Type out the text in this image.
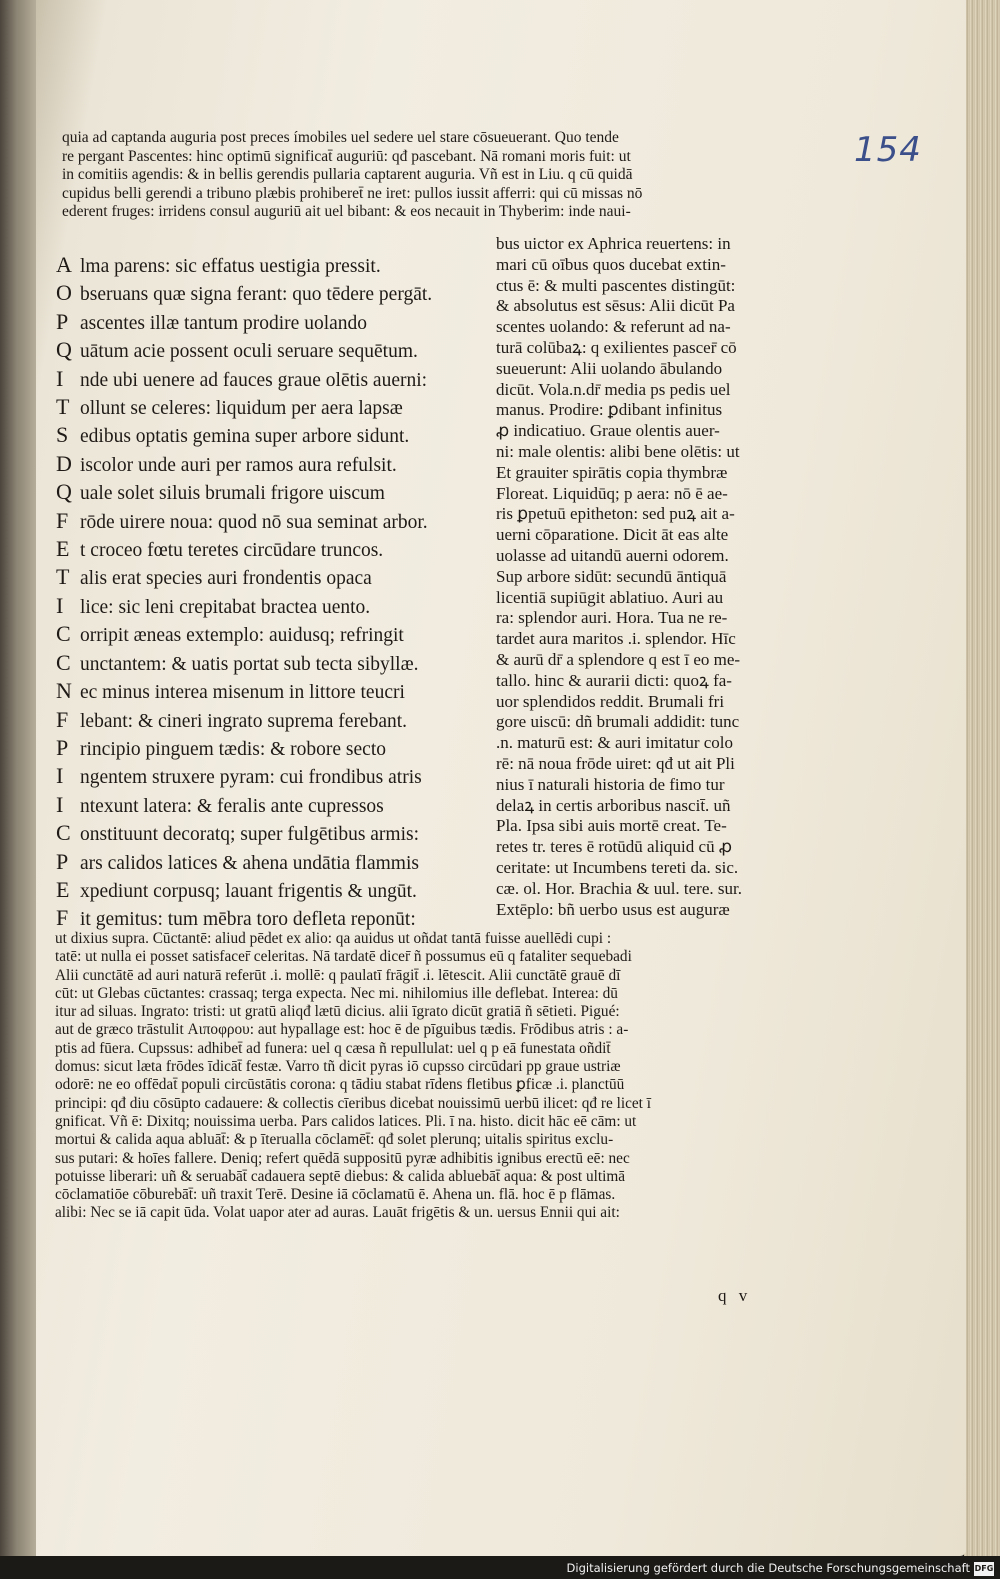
154
quia ad captanda auguria post preces ímobiles uel sedere uel stare cōsueuerant. Quo tende
re pergant Pascentes: hinc optimū significat̄ auguriū: qđ pascebant. Nā romani moris fuit: ut
in comitiis agendis: & in bellis gerendis pullaria captarent auguria. Vñ est in Liu. q cū quidā
cupidus belli gerendi a tribuno plæbis prohiberet̄ ne iret: pullos iussit afferri: qui cū missas nō
ederent fruges: irridens consul auguriū ait uel bibant: & eos necauit in Thyberim: inde naui-
A lma parens: sic effatus uestigia pressit.
O bseruans quæ signa ferant: quo tēdere pergāt.
P ascentes illæ tantum prodire uolando
Q uātum acie possent oculi seruare sequētum.
I nde ubi uenere ad fauces graue olētis auerni:
T ollunt se celeres: liquidum per aera lapsæ
S edibus optatis gemina super arbore sidunt.
D iscolor unde auri per ramos aura refulsit.
Q uale solet siluis brumali frigore uiscum
F rōde uirere noua: quod nō sua seminat arbor.
E t croceo fœtu teretes circūdare truncos.
T alis erat species auri frondentis opaca
I lice: sic leni crepitabat bractea uento.
C orripit æneas extemplo: auidusq; refringit
C unctantem: & uatis portat sub tecta sibyllæ.
N ec minus interea misenum in littore teucri
F lebant: & cineri ingrato suprema ferebant.
P rincipio pinguem tædis: & robore secto
I ngentem struxere pyram: cui frondibus atris
I ntexunt latera: & feralis ante cupressos
C onstituunt decoratq; super fulgētibus armis:
P ars calidos latices & ahena undātia flammis
E xpediunt corpusq; lauant frigentis & ungūt.
F it gemitus: tum mēbra toro defleta reponūt:
bus uictor ex Aphrica reuertens: in
mari cū oībus quos ducebat extin-
ctus ē: & multi pascentes distingūt:
& absolutus est sēsus: Alii dicūt Pa
scentes uolando: & referunt ad na-
turā colūbaꝝ: q exilientes pascer̄ cō
sueuerunt: Alii uolando ābulando
dicūt. Vola.n.dr̄ media ps pedis uel
manus. Prodire: ꝑdibant infinitus
ꝓ indicatiuo. Graue olentis auer-
ni: male olentis: alibi bene olētis: ut
Et grauiter spirātis copia thymbræ
Floreat. Liquidūq; p aera: nō ē ae-
ris ꝑpetuū epitheton: sed puꝝ ait a-
uerni cōparatione. Dicit āt eas alte
uolasse ad uitandū auerni odorem.
Sup arbore sidūt: secundū āntiquā
licentiā supiūgit ablatiuo. Auri au
ra: splendor auri. Hora. Tua ne re-
tardet aura maritos .i. splendor. Hīc
& aurū dr̄ a splendore q est ī eo me-
tallo. hinc & aurarii dicti: quoꝝ fa-
uor splendidos reddit. Brumali fri
gore uiscū: dñ brumali addidit: tunc
.n. maturū est: & auri imitatur colo
rē: nā noua frōde uiret: qđ ut ait Pli
nius ī naturali historia de fimo tur
delaꝝ in certis arboribus nascit̄. uñ
Pla. Ipsa sibi auis mortē creat. Te-
retes tr. teres ē rotūdū aliquid cū ꝓ
ceritate: ut Incumbens tereti da. sic.
cæ. ol. Hor. Brachia & uul. tere. sur.
Extēplo: bñ uerbo usus est auguræ
ut dixius supra. Cūctantē: aliud pēdet ex alio: qa auidus ut oñdat tantā fuisse auellēdi cupi :
tatē: ut nulla ei posset satisfacer̄ celeritas. Nā tardatē dicer̄ ñ possumus eū q fataliter sequebadi
Alii cunctātē ad auri naturā referūt .i. mollē: q paulatī frāgit̄ .i. lētescit. Alii cunctātē grauē dī
cūt: ut Glebas cūctantes: crassaq; terga expecta. Nec mi. nihilomius ille deflebat. Interea: dū
itur ad siluas. Ingrato: tristi: ut gratū aliqđ lætū dicius. alii īgrato dicūt gratiā ñ sētieti. Pigué:
aut de græco trāstulit Αιποφρου: aut hypallage est: hoc ē de pīguibus tædis. Frōdibus atris : a-
ptis ad fūera. Cupssus: adhibet̄ ad funera: uel q cæsa ñ repullulat: uel q p eā funestata oñdit̄
domus: sicut læta frōdes īdicāt̄ festæ. Varro tñ dicit pyras iō cupsso circūdari pp graue ustriæ
odorē: ne eo offēdat̄ populi circūstātis corona: q tādiu stabat rīdens fletibus ꝑficæ .i. planctūū
principi: qđ diu cōsūpto cadauere: & collectis cīeribus dicebat nouissimū uerbū ilicet: qđ re licet ī
gnificat. Vñ ē: Dixitq; nouissima uerba. Pars calidos latices. Pli. ī na. histo. dicit hāc eē cām: ut
mortui & calida aqua abluāt̄: & p īterualla cōclamēt̄: qđ solet plerunq; uitalis spiritus exclu-
sus putari: & hoīes fallere. Deniq; refert quēdā suppositū pyræ adhibitis ignibus erectū eē: nec
potuisse liberari: uñ & seruabāt̄ cadauera septē diebus: & calida abluebāt̄ aqua: & post ultimā
cōclamatiōe cōburebāt̄: uñ traxit Terē. Desine iā cōclamatū ē. Ahena un. flā. hoc ē p flāmas.
alibi: Nec se iā capit ūda. Volat uapor ater ad auras. Lauāt frigētis & un. uersus Ennii qui ait:
q v
Digitalisierung gefördert durch die Deutsche Forschungsgemeinschaft DFG
